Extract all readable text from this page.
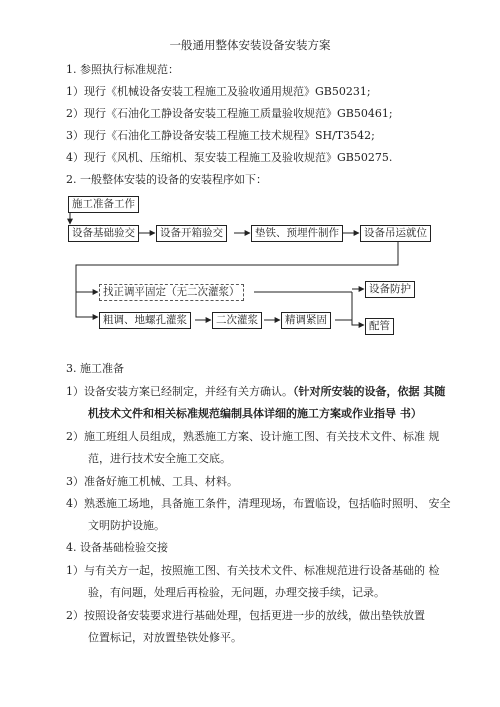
一般通用整体安装设备安装方案
1. 参照执行标准规范：
1）现行《机械设备安装工程施工及验收通用规范》GB50231;
2）现行《石油化工静设备安装工程施工质量验收规范》GB50461;
3）现行《石油化工静设备安装工程施工技术规程》SH/T3542;
4）现行《风机、压缩机、泵安装工程施工及验收规范》GB50275.
2. 一般整体安装的设备的安装程序如下：
施工准备工作
设备基础验交	设备开箱验交	垫铁、预埋件制作	设备吊运就位
找正调平固定（无二次灌浆）
粗调、地螺孔灌浆	二次灌浆	精调紧固
设备防护
配管
3. 施工准备
1）设备安装方案已经制定，并经有关方确认。（针对所安装的设备，依据 其随
机技术文件和相关标准规范编制具体详细的施工方案或作业指导 书）
2）施工班组人员组成，熟悉施工方案、设计施工图、有关技术文件、标准 规
范，进行技术安全施工交底。
3）准备好施工机械、工具、材料。
4）熟悉施工场地，具备施工条件，清理现场，布置临设，包括临时照明、 安全
文明防护设施。
4. 设备基础检验交接
1）与有关方一起，按照施工图、有关技术文件、标准规范进行设备基础的 检
验，有问题，处理后再检验，无问题，办理交接手续，记录。
2）按照设备安装要求进行基础处理，包括更进一步的放线，做出垫铁放置
位置标记，对放置垫铁处修平。
